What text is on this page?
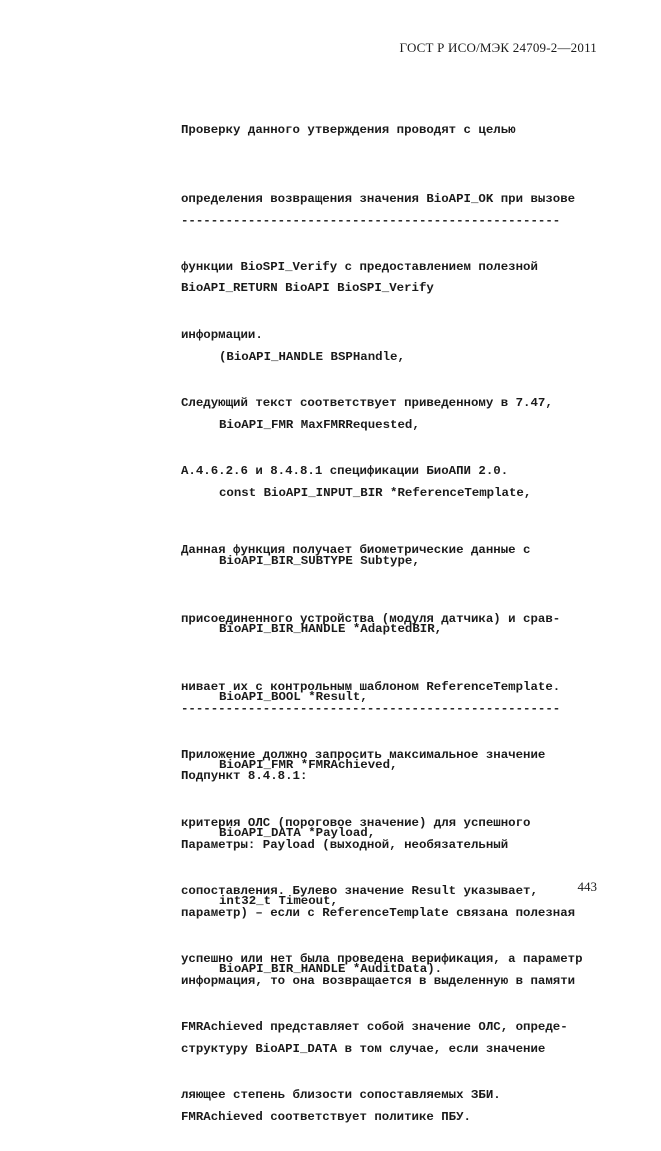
ГОСТ Р ИСО/МЭК 24709-2—2011

Проверку данного утверждения проводят с целью

определения возвращения значения BioAPI_OK при вызове

функции BioSPI_Verify с предоставлением полезной

информации.

Следующий текст соответствует приведенному в 7.47,

А.4.6.2.6 и 8.4.8.1 спецификации БиоАПИ 2.0.

---------------------------------------------------

BioAPI_RETURN BioAPI BioSPI_Verify

(BioAPI_HANDLE BSPHandle,

BioAPI_FMR MaxFMRRequested,

const BioAPI_INPUT_BIR *ReferenceTemplate,

BioAPI_BIR_SUBTYPE Subtype,

BioAPI_BIR_HANDLE *AdaptedBIR,

BioAPI_BOOL *Result,

BioAPI_FMR *FMRAchieved,

BioAPI_DATA *Payload,

int32_t Timeout,

BioAPI_BIR_HANDLE *AuditData).

Данная функция получает биометрические данные с

присоединенного устройства (модуля датчика) и срав-

нивает их с контрольным шаблоном ReferenceTemplate.

Приложение должно запросить максимальное значение

критерия ОЛС (пороговое значение) для успешного

сопоставления. Булево значение Result указывает,

успешно или нет была проведена верификация, а параметр

FMRAchieved представляет собой значение ОЛС, опреде-

ляющее степень близости сопоставляемых ЗБИ.

---------------------------------------------------

Подпункт 8.4.8.1:

Параметры: Payload (выходной, необязательный

параметр) – если с ReferenceTemplate связана полезная

информация, то она возвращается в выделенную в памяти

структуру BioAPI_DATA в том случае, если значение

FMRAchieved соответствует политике ПБУ.

443
